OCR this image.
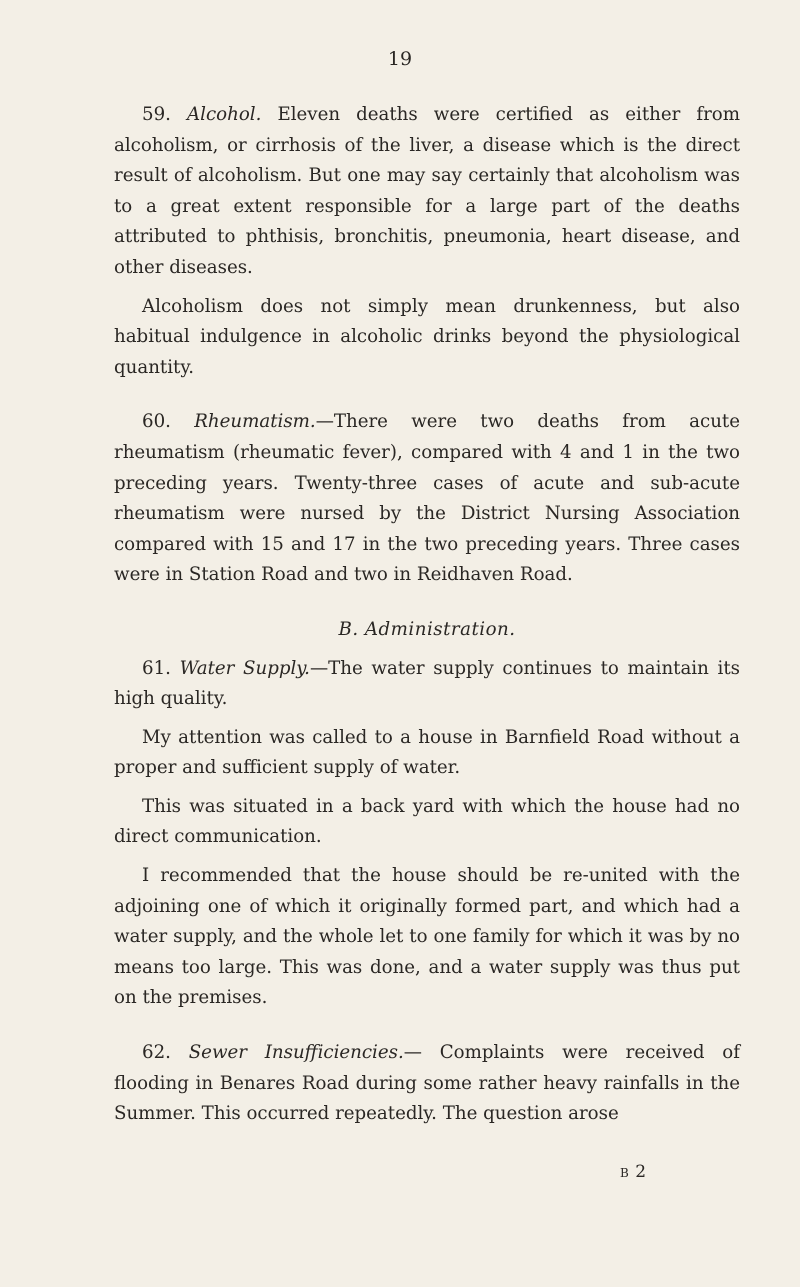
19

59. Alcohol. Eleven deaths were certified as either from alcoholism, or cirrhosis of the liver, a disease which is the direct result of alcoholism. But one may say certainly that alcoholism was to a great extent responsible for a large part of the deaths attributed to phthisis, bronchitis, pneumonia, heart disease, and other diseases.

Alcoholism does not simply mean drunkenness, but also habitual indulgence in alcoholic drinks beyond the physiological quantity.

60. Rheumatism.—There were two deaths from acute rheumatism (rheumatic fever), compared with 4 and 1 in the two preceding years. Twenty-three cases of acute and sub-acute rheumatism were nursed by the District Nursing Association compared with 15 and 17 in the two preceding years. Three cases were in Station Road and two in Reidhaven Road.

B. Administration.

61. Water Supply.—The water supply continues to maintain its high quality.

My attention was called to a house in Barnfield Road without a proper and sufficient supply of water.

This was situated in a back yard with which the house had no direct communication.

I recommended that the house should be re-united with the adjoining one of which it originally formed part, and which had a water supply, and the whole let to one family for which it was by no means too large. This was done, and a water supply was thus put on the premises.

62. Sewer Insufficiencies.— Complaints were received of flooding in Benares Road during some rather heavy rainfalls in the Summer. This occurred repeatedly. The question arose

B 2
